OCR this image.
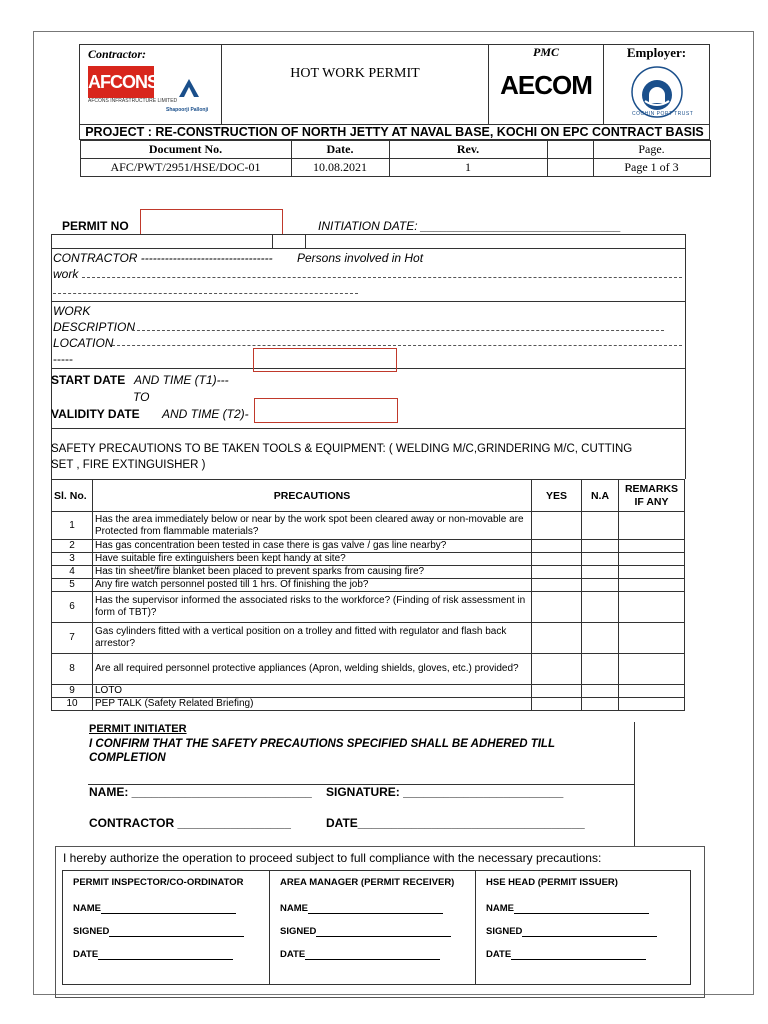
Contractor:
AFCONS
AFCONS INFRASTRUCTURE LIMITED
Shapoorji Pallonji
	HOT WORK PERMIT	
PMC
AECOM

Employer:
COCHIN PORT TRUST

PROJECT : RE-CONSTRUCTION OF NORTH JETTY AT NAVAL BASE, KOCHI ON EPC CONTRACT BASIS

Document No.	Date.	Rev.		Page.
AFC/PWT/2951/HSE/DOC-01	10.08.2021	1		Page 1 of 3
PERMIT NO	INITIATION DATE: ______________________________
CONTRACTOR --------------------------------- Persons involved in Hot
work
WORK
DESCRIPTION
LOCATION
-----
START DATE AND TIME (T1)---
TO
VALIDITY DATE AND TIME (T2)-
SAFETY PRECAUTIONS TO BE TAKEN TOOLS & EQUIPMENT: ( WELDING M/C,GRINDERING M/C, CUTTING
SET , FIRE EXTINGUISHER )
Sl. No.	PRECAUTIONS	YES	N.A	REMARKS IF ANY
1	Has the area immediately below or near by the work spot been cleared away or non-movable are Protected from flammable materials?			
2	Has gas concentration been tested in case there is gas valve / gas line nearby?			
3	Have suitable fire extinguishers been kept handy at site?			
4	Has tin sheet/fire blanket been placed to prevent sparks from causing fire?			
5	Any fire watch personnel posted till 1 hrs. Of finishing the job?			
6	Has the supervisor informed the associated risks to the workforce? (Finding of risk assessment in form of TBT)?			
7	Gas cylinders fitted with a vertical position on a trolley and fitted with regulator and flash back arrestor?			
8	Are all required personnel protective appliances (Apron, welding shields, gloves, etc.) provided?			
9	LOTO			
10	PEP TALK (Safety Related Briefing)			
PERMIT INITIATER
I CONFIRM THAT THE SAFETY PRECAUTIONS SPECIFIED SHALL BE ADHERED TILL
COMPLETION
NAME: ___________________________ SIGNATURE: ________________________
CONTRACTOR _________________	DATE__________________________________
I hereby authorize the operation to proceed subject to full compliance with the necessary precautions:
PERMIT INSPECTOR/CO-ORDINATOR
NAME
SIGNED
DATE

AREA MANAGER (PERMIT RECEIVER)
NAME
SIGNED
DATE

HSE HEAD (PERMIT ISSUER)
NAME
SIGNED
DATE
